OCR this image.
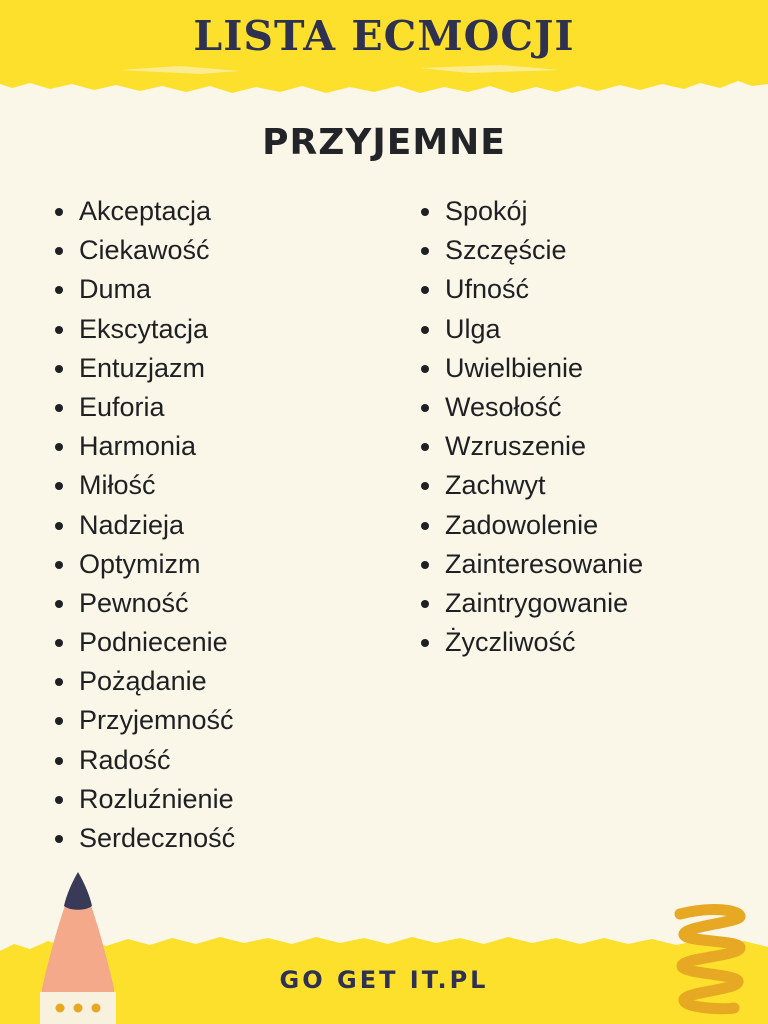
LISTA ECMOCJI
PRZYJEMNE
Akceptacja
Ciekawość
Duma
Ekscytacja
Entuzjazm
Euforia
Harmonia
Miłość
Nadzieja
Optymizm
Pewność
Podniecenie
Pożądanie
Przyjemność
Radość
Rozluźnienie
Serdeczność
Spokój
Szczęście
Ufność
Ulga
Uwielbienie
Wesołość
Wzruszenie
Zachwyt
Zadowolenie
Zainteresowanie
Zaintrygowanie
Życzliwość
GO GET IT.PL
